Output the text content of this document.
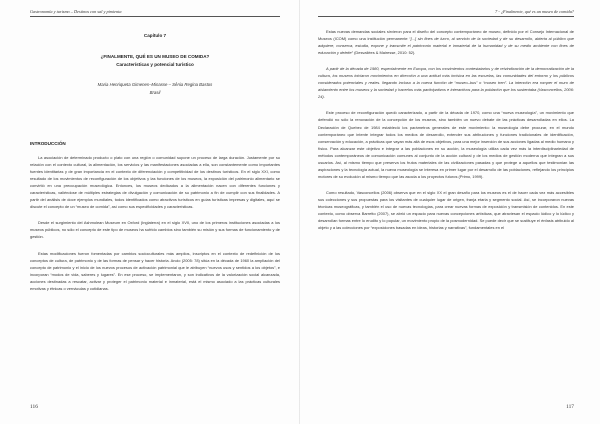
Gastronomía y turismo – Destinos con sal y pimienta
Capítulo 7
¿FINALMENTE, QUÉ ES UN MUSEO DE COMIDA?
Características y potencial turístico
Maria Henriqueta Gimenes–Minasse – Sênia Regina Bastos
Brasil
INTRODUCCIÓN

La asociación de determinado producto o plato con una región o comunidad supone un proceso de larga duración. Justamente por su relación con el contexto cultural, la alimentación, los servicios y las manifestaciones asociadas a ella, son constantemente como importantes fuentes identitarias y de gran importancia en el contexto de diferenciación y competitividad de los destinos turísticos. En el siglo XXI, como resultado de los movimientos de reconfiguración de los objetivos y las funciones de los museos, la exposición del patrimonio alimentario se convirtió en una preocupación museológica. Entonces, los museos dedicados a la alimentación nacen con diferentes funciones y características, valiéndose de múltiples estrategias de divulgación y comunicación de su patrimonio a fin de cumplir con sus finalidades. A partir del análisis de doce ejemplos mundiales, todos identificados como atractivos turísticos en guías turísticas impresas y digitales, aquí se discute el concepto de un “museo de comida”, así como sus especificidades y características.

Desde el surgimiento del Ashmolean Museum en Oxford (Inglaterra) en el siglo XVII, uno de los primeros instituciones asociadas a los museos públicos, no sólo el concepto de este tipo de museos ha sufrido cambios sino también su misión y sus formas de funcionamiento y de gestión.

Estas modificaciones fueron fomentadas por cambios socioculturales más amplios, inscriptos en el contexto de redefinición de los conceptos de cultura, de patrimonio y de las formas de pensar y hacer historia. Ancio (2005: 78) sitúa en la década de 1960 la ampliación del concepto de patrimonio y el inicio de los nuevos procesos de activación patrimonial que le atribuyen “nuevos usos y sentidos a los objetos”, e incorporan “modos de vida, saberes y lugares”. En ese proceso, se implementaron, y son indicativos de la valorización social alcanzada, acciones destinadas a rescatar, activar y proteger el patrimonio material e inmaterial, está el mismo asociado a las prácticas culturales emotivas y étnicas o vernáculas y cotidianas.

116
7 - ¿Finalmente, qué es un museo de comida?

Estas nuevas demandas sociales sirvieron para el diseño del concepto contemporáneo de museo, definido por el Consejo Internacional de Museos (ICOM) como una institución permanente “[...] sin fines de lucro, al servicio de la sociedad y de su desarrollo, abierta al público que adquiere, conserva, estudia, expone y transmite el patrimonio material e inmaterial de la humanidad y de su medio ambiente con fines de educación y deleite” (Desvallées & Mairesse, 2010: 52).

A partir de la década de 1980, especialmente en Europa, con los movimientos contestatarios y de reivindicación de la democratización de la cultura, los museos iniciaron movimientos en dirección a una actitud más incisiva en las escuelas, las comunidades del entorno y los públicos considerados potenciales y reales. llegando incluso a la nueva función de “museo–bus” o “museo tren”. La intención era romper el muro de aislamiento entre los museos y la sociedad y hacerlos más participativos e interactivos para la población que los sustentaba (Vasconcellos, 2006: 24).

Este proceso de reconfiguración quedó caracterizado, a partir de la década de 1970, como una “nueva museología”, un movimiento que defendió no sólo la renovación de la concepción de los museos, sino también un nuevo debate de las prácticas desarrolladas en ellos. La Declaración de Quebec de 1984 estableció los parámetros generales de este movimiento: la museología debe procurar, en el mundo contemporáneo que intente integrar todos los medios de desarrollo, extender sus atribuciones y funciones tradicionales de identificación, conservación y educación, a prácticas que vayan más allá de esos objetivos, para una mejor inserción de sus acciones ligadas al medio humano y físico. Para alcanzar este objetivo e integrar a las poblaciones en su acción, la museología utiliza cada vez más la interdisciplinariedad de métodos contemporáneos de comunicación comunes al conjunto de la acción cultural y de los medios de gestión moderna que integran a sus usuarios. Así, al mismo tiempo que preserva los frutos materiales de las civilizaciones pasadas y que protege a aquellos que testimonian las aspiraciones y la tecnología actual, la nueva museología se interesa en primer lugar por el desarrollo de las poblaciones, reflejando los principios motores de su evolución al mismo tiempo que las asocia a los proyectos futuros (Primo, 1999).

Como resultado, Vasconcellos (2006) observa que en el siglo XX el gran desafío para los museos es el de hacer cada vez más accesibles sus colecciones y sus propuestas para los visitantes de cualquier lugar de origen, franja etaria y segmento social. Así, se incorporaron nuevas técnicas museográficas, y también el uso de nuevas tecnologías, para crear nuevas formas de exposición y transmisión de contenidos. En este contexto, como observa Barretto (2007), se abrió un espacio para nuevas concepciones artísticas, que atraviesan el espacio lúdico y lo lúdico y desarrollan formas entre lo erudito y lo popular, un movimiento propio de la posmodernidad. Se puede decir que se sustituye el énfasis atribuido al objeto y a las colecciones por “exposiciones basadas en ideas, historias y narrativas”, fundamentales en el

117
